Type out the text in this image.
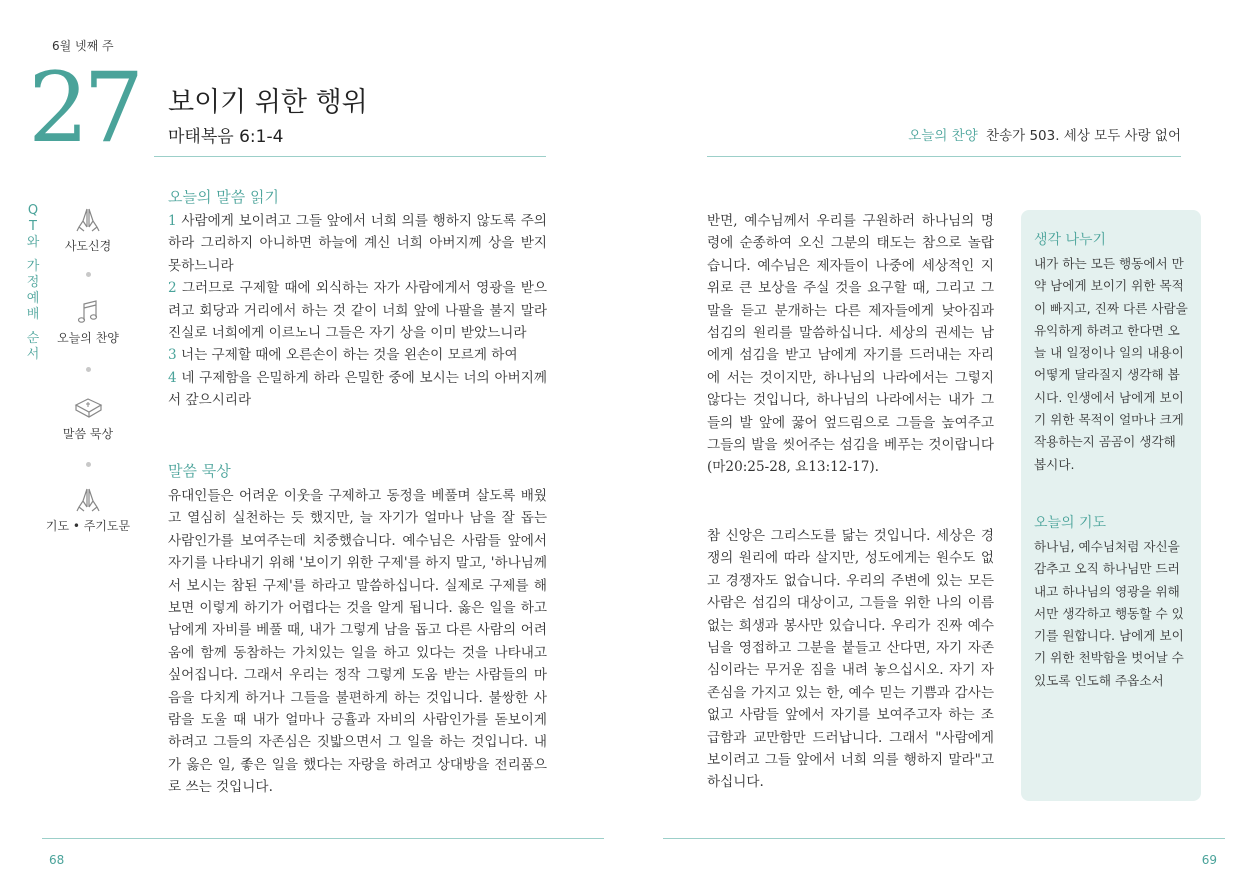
6월 넷째 주
27 보이기 위한 행위
마태복음 6:1-4	오늘의 찬양 찬송가 503. 세상 모두 사랑 없어
Q
T
와
가
정
예
배
순
서
사도신경
오늘의 찬양
말씀 묵상
기도 • 주기도문
오늘의 말씀 읽기
1 사람에게 보이려고 그들 앞에서 너희 의를 행하지 않도록 주의하라 그리하지 아니하면 하늘에 계신 너희 아버지께 상을 받지 못하느니라
2 그러므로 구제할 때에 외식하는 자가 사람에게서 영광을 받으려고 회당과 거리에서 하는 것 같이 너희 앞에 나팔을 불지 말라 진실로 너희에게 이르노니 그들은 자기 상을 이미 받았느니라
3 너는 구제할 때에 오른손이 하는 것을 왼손이 모르게 하여
4 네 구제함을 은밀하게 하라 은밀한 중에 보시는 너의 아버지께서 갚으시리라
말씀 묵상
유대인들은 어려운 이웃을 구제하고 동정을 베풀며 살도록 배웠고 열심히 실천하는 듯 했지만, 늘 자기가 얼마나 남을 잘 돕는 사람인가를 보여주는데 치중했습니다. 예수님은 사람들 앞에서 자기를 나타내기 위해 '보이기 위한 구제'를 하지 말고, '하나님께서 보시는 참된 구제'를 하라고 말씀하십니다. 실제로 구제를 해보면 이렇게 하기가 어렵다는 것을 알게 됩니다. 옳은 일을 하고 남에게 자비를 베풀 때, 내가 그렇게 남을 돕고 다른 사람의 어려움에 함께 동참하는 가치있는 일을 하고 있다는 것을 나타내고 싶어집니다. 그래서 우리는 정작 그렇게 도움 받는 사람들의 마음을 다치게 하거나 그들을 불편하게 하는 것입니다. 불쌍한 사람을 도울 때 내가 얼마나 긍휼과 자비의 사람인가를 돋보이게 하려고 그들의 자존심은 짓밟으면서 그 일을 하는 것입니다. 내가 옳은 일, 좋은 일을 했다는 자랑을 하려고 상대방을 전리품으로 쓰는 것입니다.
반면, 예수님께서 우리를 구원하러 하나님의 명령에 순종하여 오신 그분의 태도는 참으로 놀랍습니다. 예수님은 제자들이 나중에 세상적인 지위로 큰 보상을 주실 것을 요구할 때, 그리고 그말을 듣고 분개하는 다른 제자들에게 낮아짐과 섬김의 원리를 말씀하십니다. 세상의 권세는 남에게 섬김을 받고 남에게 자기를 드러내는 자리에 서는 것이지만, 하나님의 나라에서는 그렇지 않다는 것입니다, 하나님의 나라에서는 내가 그들의 발 앞에 꿇어 엎드림으로 그들을 높여주고 그들의 발을 씻어주는 섬김을 베푸는 것이랍니다(마20:25-28, 요13:12-17).
참 신앙은 그리스도를 닮는 것입니다. 세상은 경쟁의 원리에 따라 살지만, 성도에게는 원수도 없고 경쟁자도 없습니다. 우리의 주변에 있는 모든 사람은 섬김의 대상이고, 그들을 위한 나의 이름없는 희생과 봉사만 있습니다. 우리가 진짜 예수님을 영접하고 그분을 붙들고 산다면, 자기 자존심이라는 무거운 짐을 내려 놓으십시오. 자기 자존심을 가지고 있는 한, 예수 믿는 기쁨과 감사는 없고 사람들 앞에서 자기를 보여주고자 하는 조급함과 교만함만 드러납니다. 그래서 "사람에게 보이려고 그들 앞에서 너희 의를 행하지 말라"고 하십니다.
생각 나누기
내가 하는 모든 행동에서 만약 남에게 보이기 위한 목적이 빠지고, 진짜 다른 사람을 유익하게 하려고 한다면 오늘 내 일정이나 일의 내용이 어떻게 달라질지 생각해 봅시다. 인생에서 남에게 보이기 위한 목적이 얼마나 크게 작용하는지 곰곰이 생각해 봅시다.
오늘의 기도
하나님, 예수님처럼 자신을 감추고 오직 하나님만 드러내고 하나님의 영광을 위해서만 생각하고 행동할 수 있기를 원합니다. 남에게 보이기 위한 천박함을 벗어날 수 있도록 인도해 주옵소서
68	69
